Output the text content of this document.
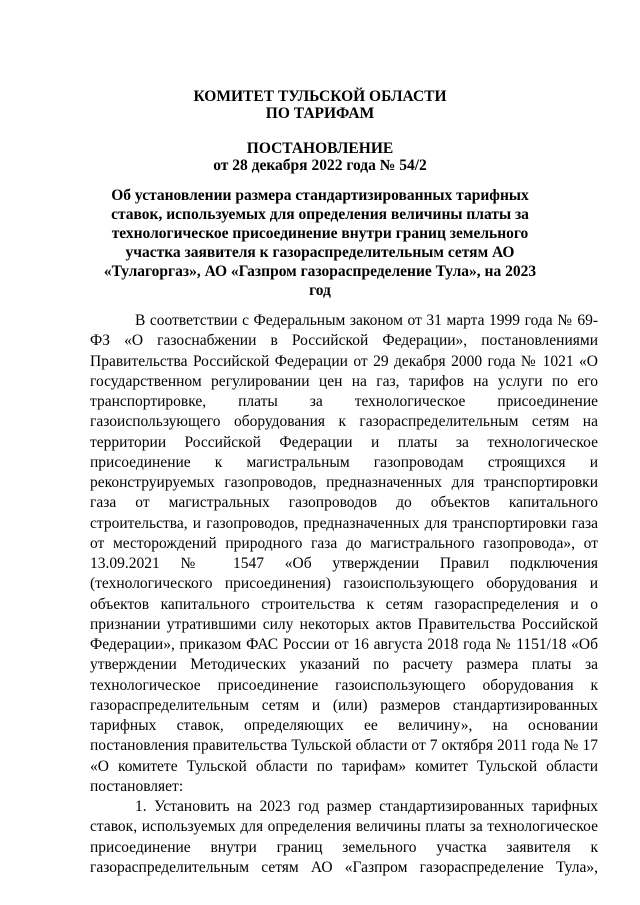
КОМИТЕТ ТУЛЬСКОЙ ОБЛАСТИ
ПО ТАРИФАМ
ПОСТАНОВЛЕНИЕ
от 28 декабря 2022 года № 54/2
Об установлении размера стандартизированных тарифных ставок, используемых для определения величины платы за технологическое присоединение внутри границ земельного участка заявителя к газораспределительным сетям АО «Тулагоргаз», АО «Газпром газораспределение Тула», на 2023 год

В соответствии с Федеральным законом от 31 марта 1999 года № 69-ФЗ «О газоснабжении в Российской Федерации», постановлениями Правительства Российской Федерации от 29 декабря 2000 года № 1021 «О государственном регулировании цен на газ, тарифов на услуги по его транспортировке, платы за технологическое присоединение газоиспользующего оборудования к газораспределительным сетям на территории Российской Федерации и платы за технологическое присоединение к магистральным газопроводам строящихся и реконструируемых газопроводов, предназначенных для транспортировки газа от магистральных газопроводов до объектов капитального строительства, и газопроводов, предназначенных для транспортировки газа от месторождений природного газа до магистрального газопровода», от 13.09.2021 № 1547 «Об утверждении Правил подключения (технологического присоединения) газоиспользующего оборудования и объектов капитального строительства к сетям газораспределения и о признании утратившими силу некоторых актов Правительства Российской Федерации», приказом ФАС России от 16 августа 2018 года № 1151/18 «Об утверждении Методических указаний по расчету размера платы за технологическое присоединение газоиспользующего оборудования к газораспределительным сетям и (или) размеров стандартизированных тарифных ставок, определяющих ее величину», на основании постановления правительства Тульской области от 7 октября 2011 года № 17 «О комитете Тульской области по тарифам» комитет Тульской области постановляет:

1. Установить на 2023 год размер стандартизированных тарифных ставок, используемых для определения величины платы за технологическое присоединение внутри границ земельного участка заявителя к газораспределительным сетям АО «Газпром газораспределение Тула»,
